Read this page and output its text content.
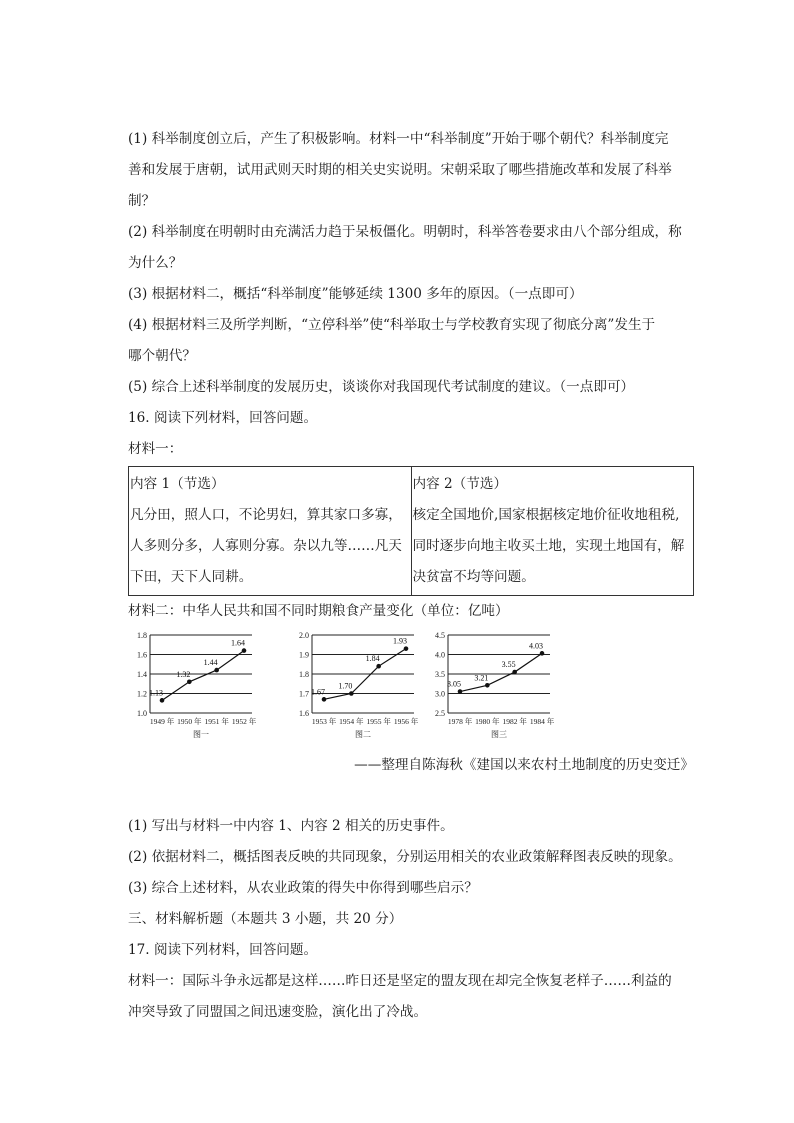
(1) 科举制度创立后，产生了积极影响。材料一中“科举制度”开始于哪个朝代？科举制度完

善和发展于唐朝，试用武则天时期的相关史实说明。宋朝采取了哪些措施改革和发展了科举

制？

(2) 科举制度在明朝时由充满活力趋于呆板僵化。明朝时，科举答卷要求由八个部分组成，称

为什么？

(3) 根据材料二，概括“科举制度”能够延续 1300 多年的原因。（一点即可）

(4) 根据材料三及所学判断，“立停科举”使“科举取士与学校教育实现了彻底分离”发生于

哪个朝代？

(5) 综合上述科举制度的发展历史，谈谈你对我国现代考试制度的建议。（一点即可）

16. 阅读下列材料，回答问题。

材料一：

内容 1（节选）
凡分田，照人口，不论男妇，算其家口多寡，
人多则分多，人寡则分寡。杂以九等……凡天
下田，天下人同耕。

内容 2（节选）
核定全国地价,国家根据核定地价征收地租税,
同时逐步向地主收买土地，实现土地国有，解
决贫富不均等问题。

材料二：中华人民共和国不同时期粮食产量变化（单位：亿吨）

1.0
1.2
1.4
1.6
1.8
1949 年 1950 年 1951 年 1952 年
1.13
1.32
1.44
1.64
图一
1.6
1.7
1.8
1.9
2.0
1953 年 1954 年 1955 年 1956 年
1.67
1.70
1.84
1.93
图二
2.5
3.0
3.5
4.0
4.5
1978 年 1980 年 1982 年 1984 年
3.05
3.21
3.55
4.03
图三
——整理自陈海秋《建国以来农村土地制度的历史变迁》

(1) 写出与材料一中内容 1、内容 2 相关的历史事件。

(2) 依据材料二，概括图表反映的共同现象，分别运用相关的农业政策解释图表反映的现象。

(3) 综合上述材料，从农业政策的得失中你得到哪些启示？

三、材料解析题（本题共 3 小题，共 20 分）

17. 阅读下列材料，回答问题。

材料一：国际斗争永远都是这样……昨日还是坚定的盟友现在却完全恢复老样子……利益的

冲突导致了同盟国之间迅速变脸，演化出了冷战。
